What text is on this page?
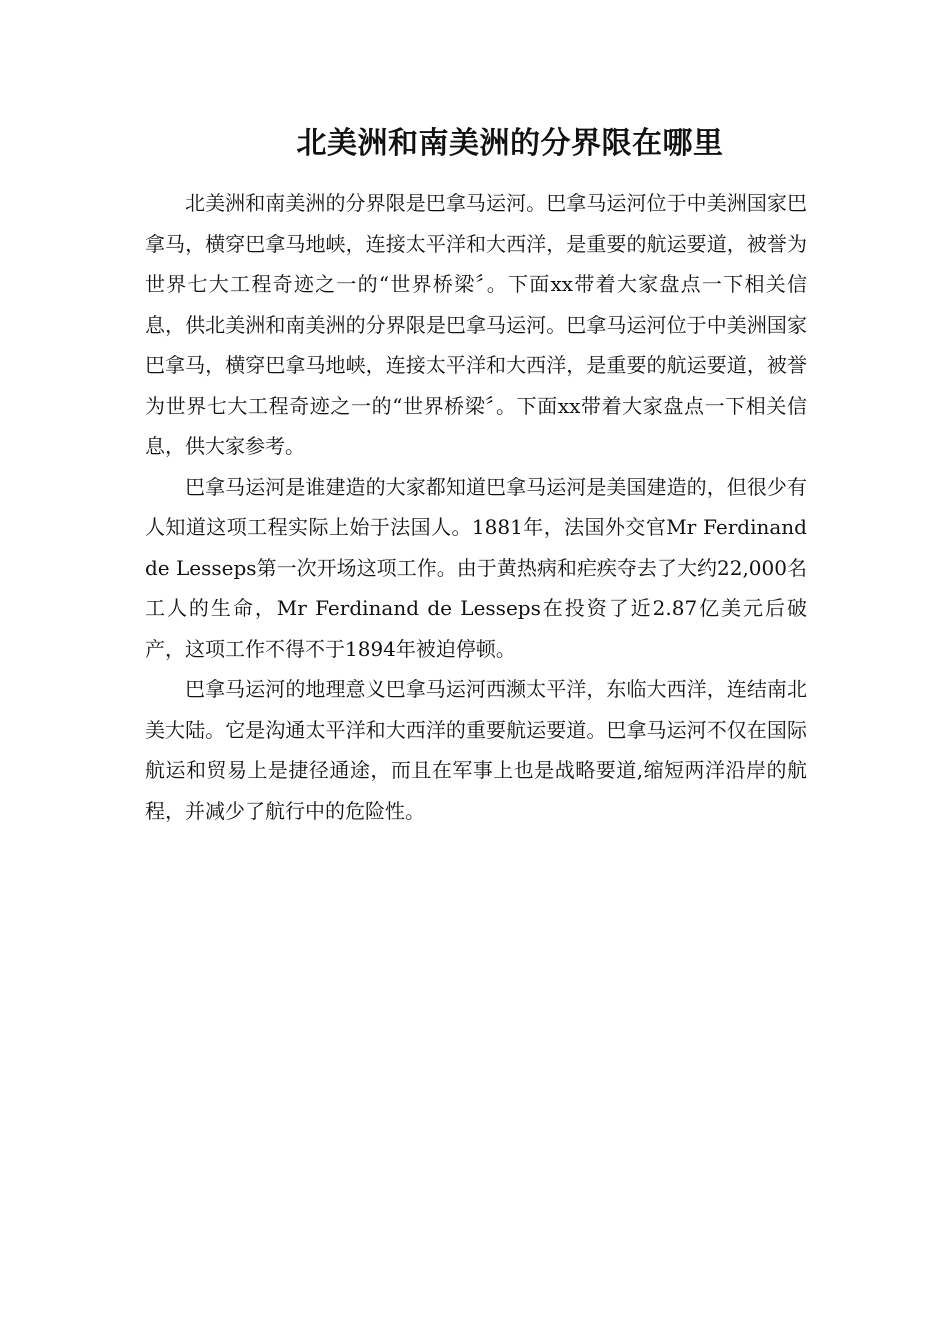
北美洲和南美洲的分界限在哪里

北美洲和南美洲的分界限是巴拿马运河。巴拿马运河位于中美洲国家巴拿马，横穿巴拿马地峡，连接太平洋和大西洋，是重要的航运要道，被誉为世界七大工程奇迹之一的“世界桥梁〞。下面xx带着大家盘点一下相关信息，供北美洲和南美洲的分界限是巴拿马运河。巴拿马运河位于中美洲国家巴拿马，横穿巴拿马地峡，连接太平洋和大西洋，是重要的航运要道，被誉为世界七大工程奇迹之一的“世界桥梁〞。下面xx带着大家盘点一下相关信息，供大家参考。

巴拿马运河是谁建造的大家都知道巴拿马运河是美国建造的，但很少有人知道这项工程实际上始于法国人。1881年，法国外交官Mr Ferdinand de Lesseps第一次开场这项工作。由于黄热病和疟疾夺去了大约22,000名工人的生命，Mr Ferdinand de Lesseps在投资了近2.87亿美元后破产，这项工作不得不于1894年被迫停顿。

巴拿马运河的地理意义巴拿马运河西濒太平洋，东临大西洋，连结南北美大陆。它是沟通太平洋和大西洋的重要航运要道。巴拿马运河不仅在国际航运和贸易上是捷径通途，而且在军事上也是战略要道,缩短两洋沿岸的航程，并减少了航行中的危险性。
